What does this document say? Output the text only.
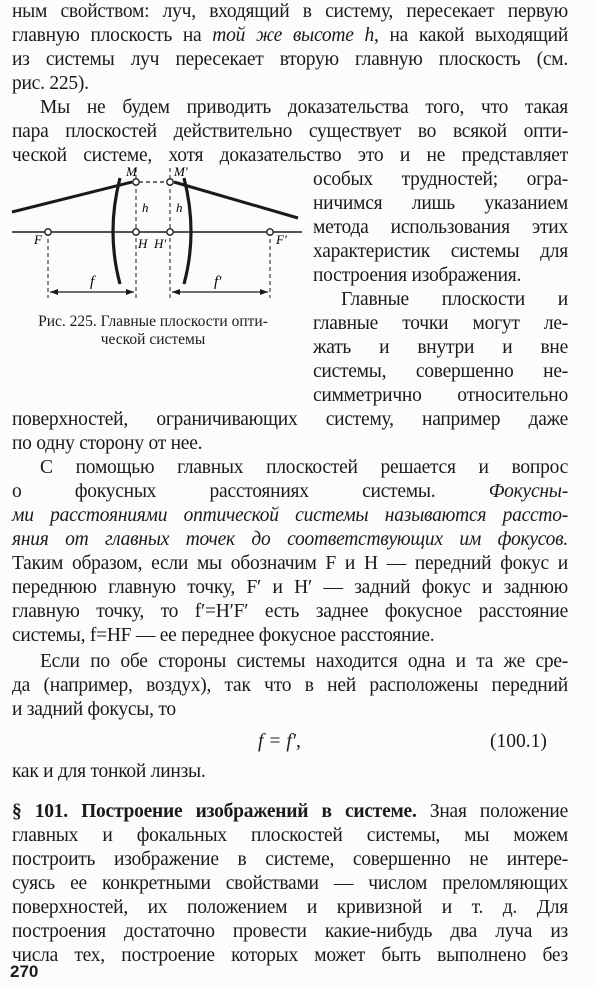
ным свойством: луч, входящий в систему, пересекает первую
главную плоскость на той же высоте h, на какой выходящий
из системы луч пересекает вторую главную плоскость (см.
рис. 225).
Мы не будем приводить доказательства того, что такая
пара плоскостей действительно существует во всякой опти-
ческой системе, хотя доказательство это и не представляет
особых трудностей; огра-
ничимся лишь указанием
метода использования этих
характеристик системы для
построения изображения.
Главные плоскости и
главные точки могут ле-
жать и внутри и вне
системы, совершенно не-
симметрично относительно
поверхностей, ограничивающих систему, например даже
по одну сторону от нее.
С помощью главных плоскостей решается и вопрос
о фокусных расстояниях системы. Фокусны-
ми расстояниями оптической системы называются рассто-
яния от главных точек до соответствующих им фокусов.
Таким образом, если мы обозначим F и H — передний фокус и
переднюю главную точку, F′ и H′ — задний фокус и заднюю
главную точку, то f′=H′F′ есть заднее фокусное расстояние
системы, f=HF — ее переднее фокусное расстояние.
Если по обе стороны системы находится одна и та же сре-
да (например, воздух), так что в ней расположены передний
и задний фокусы, то
f = f′,	(100.1)
как и для тонкой линзы.
§ 101. Построение изображений в системе. Зная положение
главных и фокальных плоскостей системы, мы можем
построить изображение в системе, совершенно не интере-
суясь ее конкретными свойствами — числом преломляющих
поверхностей, их положением и кривизной и т. д. Для
построения достаточно провести какие-нибудь два луча из
числа тех, построение которых может быть выполнено без
M	M′
h h
H H′
F	F′
f	f′
Рис. 225. Главные плоскости опти-
ческой системы
270
